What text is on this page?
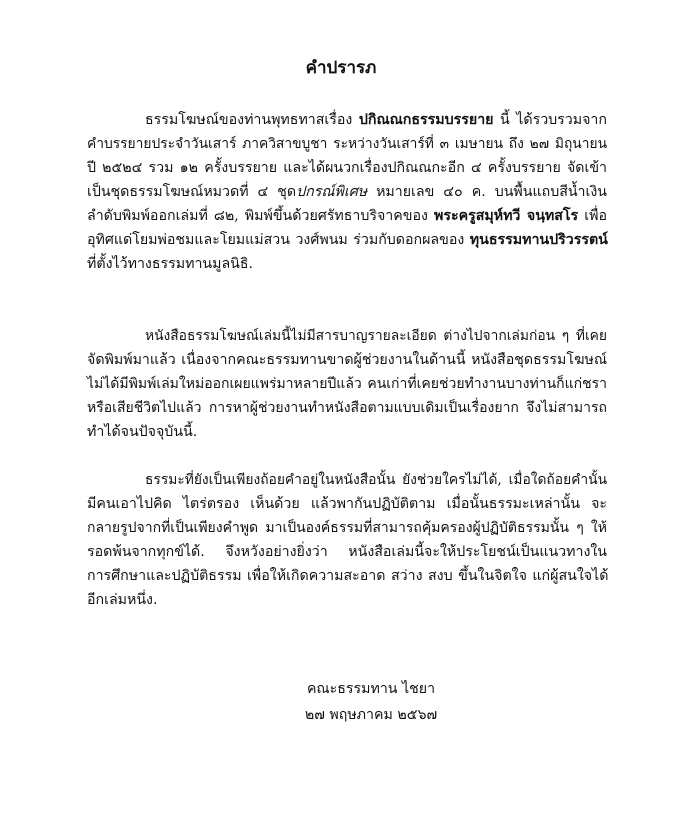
คำปรารภ
ธรรมโฆษณ์ของท่านพุทธทาสเรื่อง ปกิณณกธรรมบรรยาย นี้ ได้รวบรวมจาก
คำบรรยายประจำวันเสาร์ ภาควิสาขบูชา ระหว่างวันเสาร์ที่ ๓ เมษายน ถึง ๒๗ มิถุนายน
ปี ๒๕๒๔ รวม ๑๒ ครั้งบรรยาย และได้ผนวกเรื่องปกิณณกะอีก ๔ ครั้งบรรยาย จัดเข้า
เป็นชุดธรรมโฆษณ์หมวดที่ ๔ ชุดปกรณ์พิเศษ หมายเลข ๔๐ ค. บนพื้นแถบสีน้ำเงิน
ลำดับพิมพ์ออกเล่มที่ ๘๒, พิมพ์ขึ้นด้วยศรัทธาบริจาคของ พระครูสมุห์ทวี จนฺทสโร เพื่อ
อุทิศแด่โยมพ่อชมและโยมแม่สวน วงศ์พนม ร่วมกับดอกผลของ ทุนธรรมทานปริวรรตน์
ที่ตั้งไว้ทางธรรมทานมูลนิธิ.
หนังสือธรรมโฆษณ์เล่มนี้ไม่มีสารบาญรายละเอียด ต่างไปจากเล่มก่อน ๆ ที่เคย
จัดพิมพ์มาแล้ว เนื่องจากคณะธรรมทานขาดผู้ช่วยงานในด้านนี้ หนังสือชุดธรรมโฆษณ์
ไม่ได้มีพิมพ์เล่มใหม่ออกเผยแพร่มาหลายปีแล้ว คนเก่าที่เคยช่วยทำงานบางท่านก็แก่ชรา
หรือเสียชีวิตไปแล้ว การหาผู้ช่วยงานทำหนังสือตามแบบเดิมเป็นเรื่องยาก จึงไม่สามารถ
ทำได้จนปัจจุบันนี้.
ธรรมะที่ยังเป็นเพียงถ้อยคำอยู่ในหนังสือนั้น ยังช่วยใครไม่ได้, เมื่อใดถ้อยคำนั้น
มีคนเอาไปคิด ไตร่ตรอง เห็นด้วย แล้วพากันปฏิบัติตาม เมื่อนั้นธรรมะเหล่านั้น จะ
กลายรูปจากที่เป็นเพียงคำพูด มาเป็นองค์ธรรมที่สามารถคุ้มครองผู้ปฏิบัติธรรมนั้น ๆ ให้
รอดพ้นจากทุกข์ได้. จึงหวังอย่างยิ่งว่า หนังสือเล่มนี้จะให้ประโยชน์เป็นแนวทางใน
การศึกษาและปฏิบัติธรรม เพื่อให้เกิดความสะอาด สว่าง สงบ ขึ้นในจิตใจ แก่ผู้สนใจได้
อีกเล่มหนึ่ง.
คณะธรรมทาน ไชยา
๒๗ พฤษภาคม ๒๕๖๗
